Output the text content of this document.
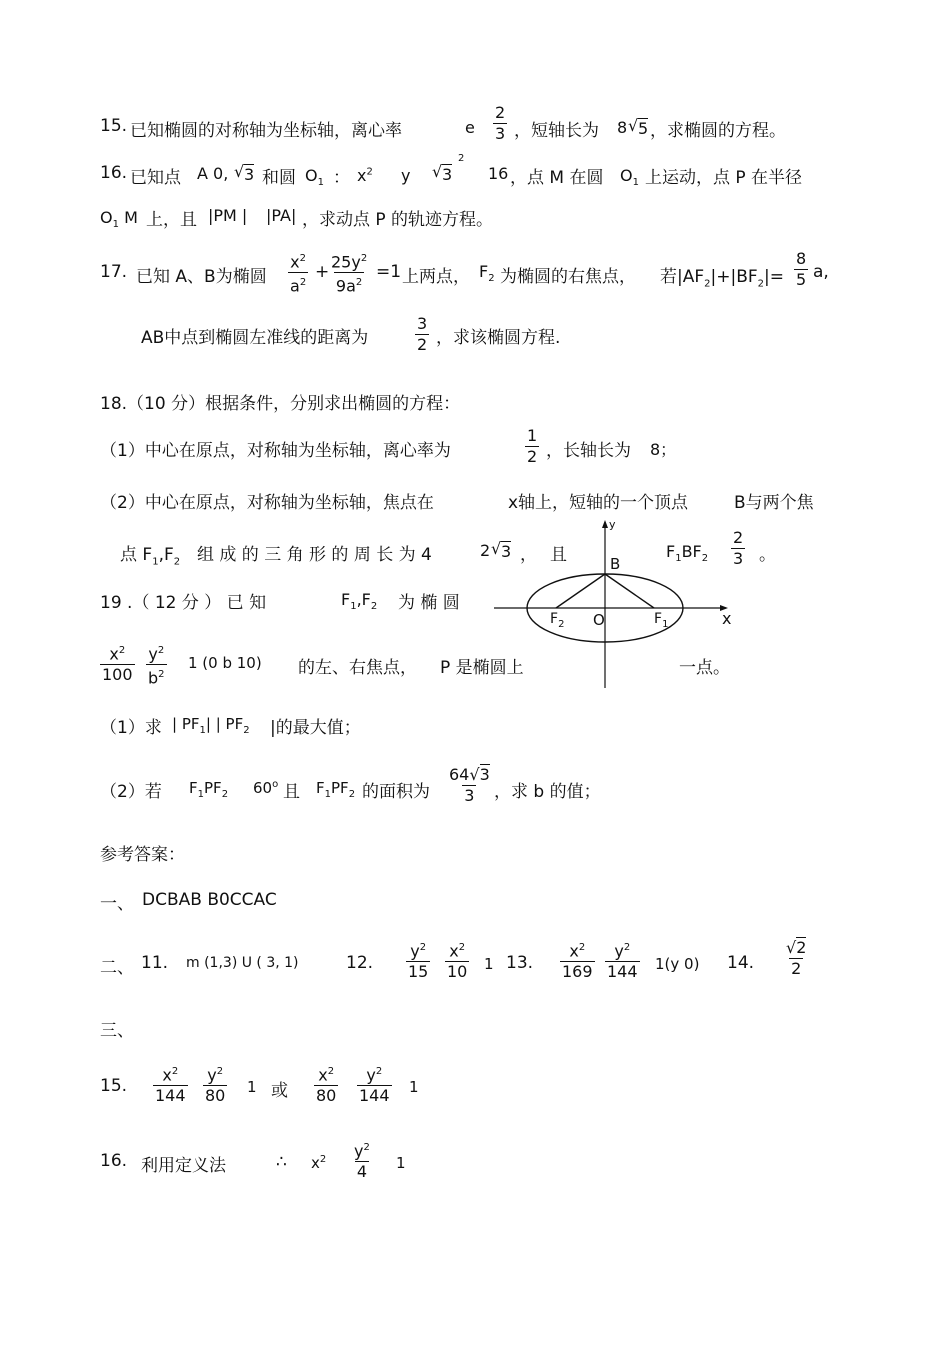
15. 已知椭圆的对称轴为坐标轴，离心率	e
2
3 ，短轴长为 8 √ 5 ，求椭圆的方程。
16. 已知点 A 0, √ 3 和圆 $O_1$ ： $x^2$ y √ 3
2
16 ，点 M 在圆 $O_1$ 上运动，点 P 在半径
$O_1$ M 上，且 |PM | |PA| ，求动点 P 的轨迹方程。
17. 已知 A、B为椭圆
$x^2$
$a^2$
+
$25y^2$
$9a^2$
=1 上两点， $F_2$ 为椭圆的右焦点， 若$|AF_2|+|BF_2|=$
8
5 a,
AB中点到椭圆左准线的距离为
3
2 ，求该椭圆方程.
18.（10 分）根据条件，分别求出椭圆的方程：
（1）中心在原点，对称轴为坐标轴，离心率为
1
2 ，长轴长为 8；
（2）中心在原点，对称轴为坐标轴，焦点在	x轴上，短轴的一个顶点	B与两个焦
点 $F_1,F_2$ 组 成 的 三 角 形 的 周 长 为 4	2 √ 3 ， 且	$F_1BF_2$
2
3 。
y
x
B
$F_2$ O	$F_1$
19 .（ 12 分 ） 已 知	$F_1,F_2$ 为 椭 圆
$x^2$
100
$y^2$
$b^2$
1 (0 b 10) 的左、右焦点， P 是椭圆上	一点。
（1）求 | $PF_1|$ | $PF_2$ |的最大值；
（2）若 $F_1PF_2$ 60$^o$ 且 $F_1PF_2$ 的面积为
64√3
3 ，求 b 的值；
参考答案：
一、 DCBAB B0CCAC
二、 11. m (1,3) U ( 3, 1)	12.
$y^2$
15
$x^2$
10 1 13.
$x^2$
169
$y^2$
144 1(y 0) 14.
√2
2
三、
15.
$x^2$
144
$y^2$
80 1 或
$x^2$
80
$y^2$
144 1
16. 利用定义法	∴ $x^2$ $y^2$
4 1
